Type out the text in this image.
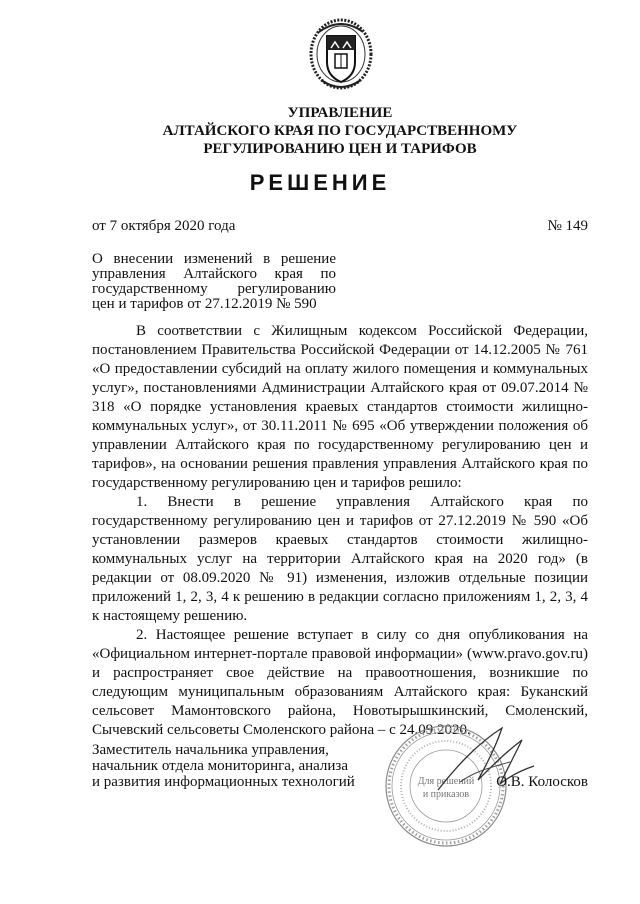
УПРАВЛЕНИЕ
АЛТАЙСКОГО КРАЯ ПО ГОСУДАРСТВЕННОМУ
РЕГУЛИРОВАНИЮ ЦЕН И ТАРИФОВ
РЕШЕНИЕ
от 7 октября 2020 года	№ 149
О внесении изменений в решение управления Алтайского края по государственному регулированию цен и тарифов от 27.12.2019 № 590

В соответствии с Жилищным кодексом Российской Федерации, постановлением Правительства Российской Федерации от 14.12.2005 № 761 «О предоставлении субсидий на оплату жилого помещения и коммунальных услуг», постановлениями Администрации Алтайского края от 09.07.2014 № 318 «О порядке установления краевых стандартов стоимости жилищно-коммунальных услуг», от 30.11.2011 № 695 «Об утверждении положения об управлении Алтайского края по государственному регулированию цен и тарифов», на основании решения правления управления Алтайского края по государственному регулированию цен и тарифов решило:

1. Внести в решение управления Алтайского края по государственному регулированию цен и тарифов от 27.12.2019 № 590 «Об установлении размеров краевых стандартов стоимости жилищно-коммунальных услуг на территории Алтайского края на 2020 год» (в редакции от 08.09.2020 № 91) изменения, изложив отдельные позиции приложений 1, 2, 3, 4 к решению в редакции согласно приложениям 1, 2, 3, 4 к настоящему решению.

2. Настоящее решение вступает в силу со дня опубликования на «Официальном интернет-портале правовой информации» (www.pravo.gov.ru) и распространяет свое действие на правоотношения, возникшие по следующим муниципальным образованиям Алтайского края: Буканский сельсовет Мамонтовского района, Новотырышкинский, Смоленский, Сычевский сельсоветы Смоленского района – с 24.09.2020.

Заместитель начальника управления,
начальник отдела мониторинга, анализа
и развития информационных технологий	Для решений
и приказов
О.В. Колосков
